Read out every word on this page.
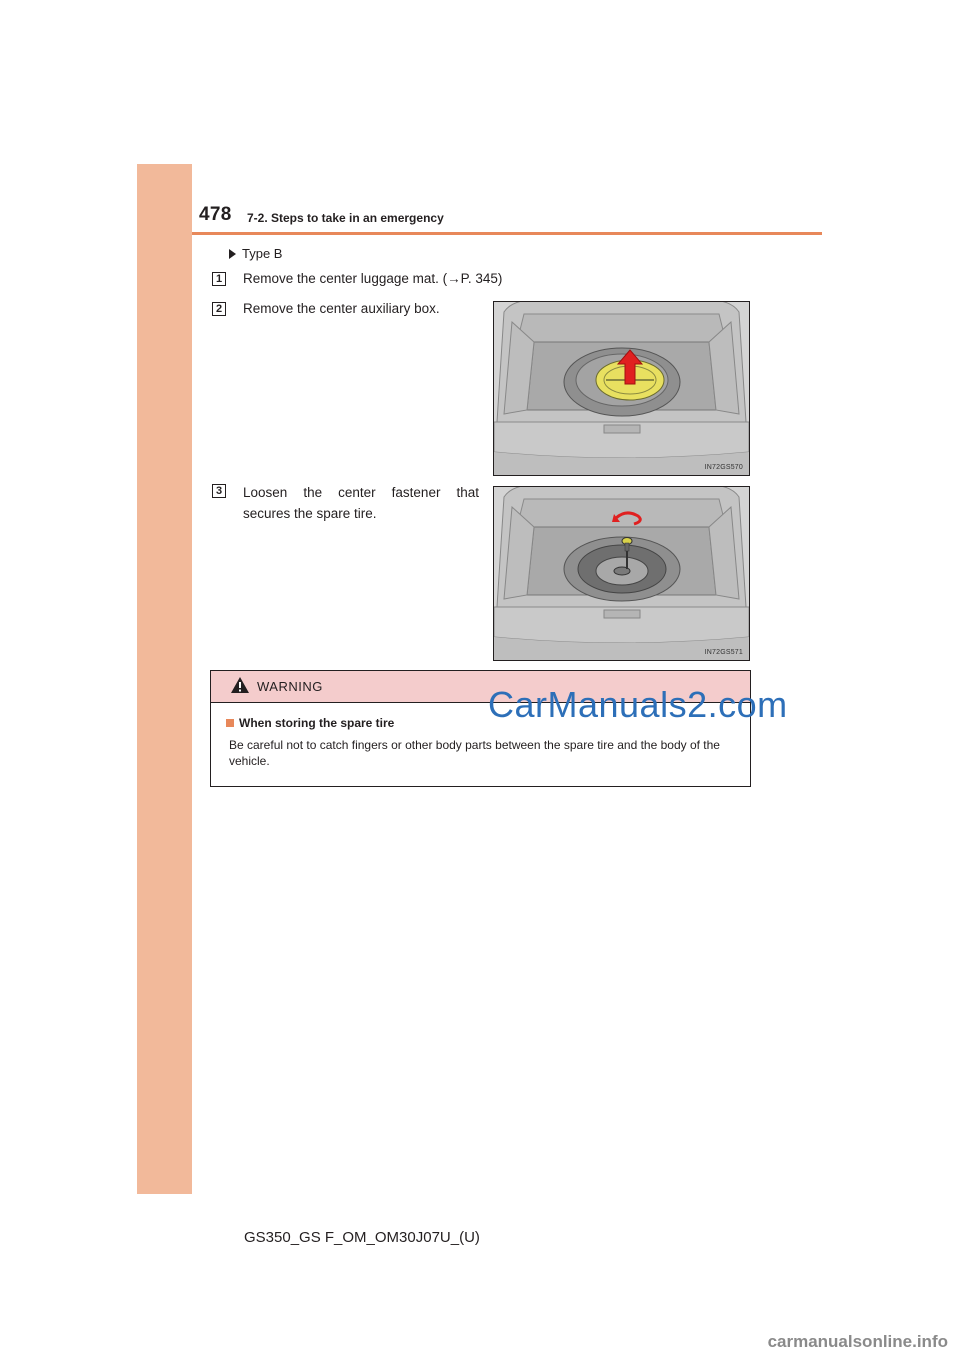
478 7-2. Steps to take in an emergency
Type B
1 Remove the center luggage mat. (→P. 345)
2 Remove the center auxiliary box.
IN72GS570
3 Loosen the center fastener that secures the spare tire.
IN72GS571
WARNING
When storing the spare tire
Be careful not to catch fingers or other body parts between the spare tire and the body of the vehicle.
CarManuals2.com
GS350_GS F_OM_OM30J07U_(U)
carmanualsonline.info
